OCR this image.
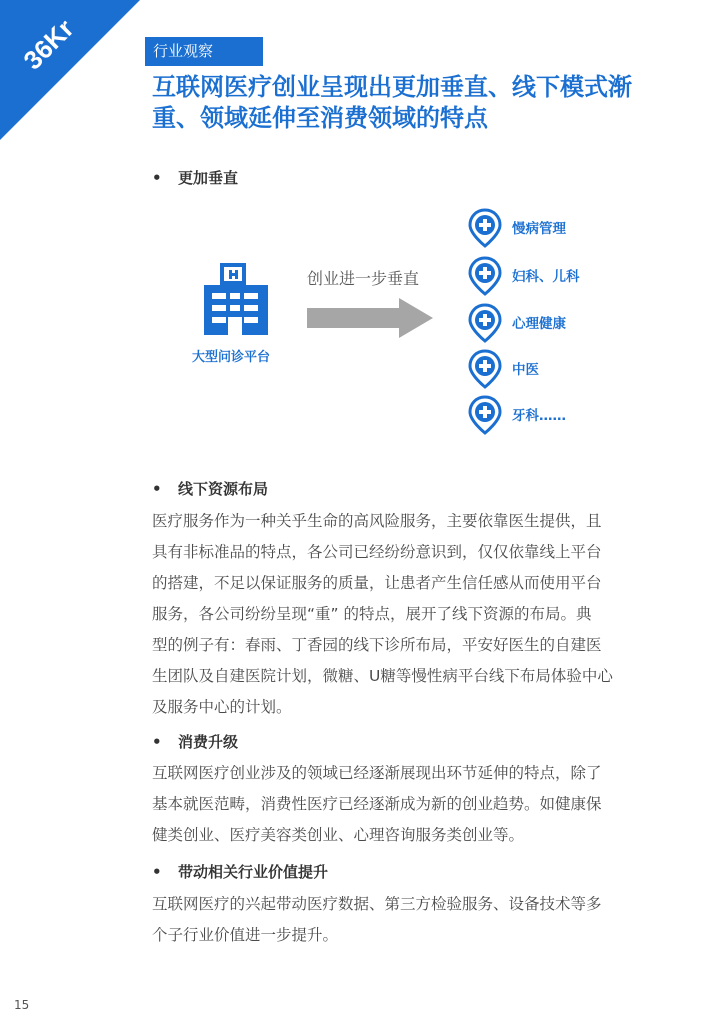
36Kr	行业观察
互联网医疗创业呈现出更加垂直、线下模式渐
重、领域延伸至消费领域的特点
• 更加垂直
大型问诊平台
创业进一步垂直
慢病管理
妇科、儿科
心理健康
中医
牙科……
• 线下资源布局

医疗服务作为一种关乎生命的高风险服务，主要依靠医生提供，且
具有非标准品的特点，各公司已经纷纷意识到，仅仅依靠线上平台
的搭建，不足以保证服务的质量，让患者产生信任感从而使用平台
服务，各公司纷纷呈现“重” 的特点，展开了线下资源的布局。典
型的例子有：春雨、丁香园的线下诊所布局，平安好医生的自建医
生团队及自建医院计划，微糖、U糖等慢性病平台线下布局体验中心
及服务中心的计划。

• 消费升级

互联网医疗创业涉及的领域已经逐渐展现出环节延伸的特点，除了
基本就医范畴，消费性医疗已经逐渐成为新的创业趋势。如健康保
健类创业、医疗美容类创业、心理咨询服务类创业等。

• 带动相关行业价值提升

互联网医疗的兴起带动医疗数据、第三方检验服务、设备技术等多
个子行业价值进一步提升。

15
